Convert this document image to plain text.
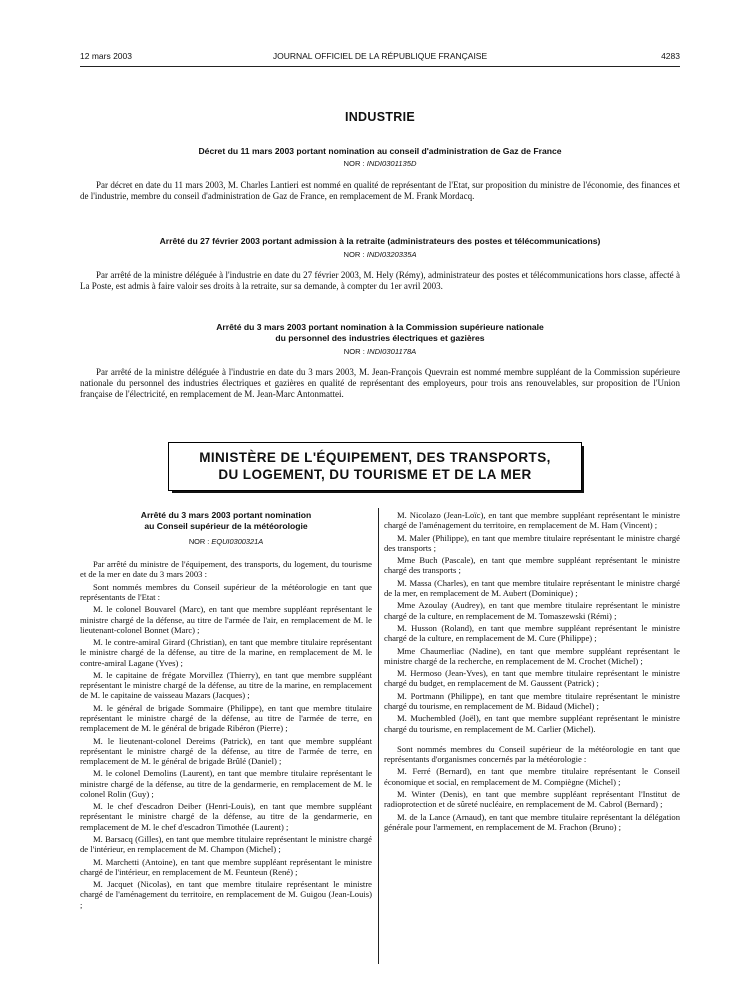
12 mars 2003	JOURNAL OFFICIEL DE LA RÉPUBLIQUE FRANÇAISE	4283
INDUSTRIE
Décret du 11 mars 2003 portant nomination au conseil d'administration de Gaz de France
NOR : INDI0301135D
Par décret en date du 11 mars 2003, M. Charles Lantieri est nommé en qualité de représentant de l'Etat, sur proposition du ministre de l'économie, des finances et de l'industrie, membre du conseil d'administration de Gaz de France, en remplacement de M. Frank Mordacq.
Arrêté du 27 février 2003 portant admission à la retraite (administrateurs des postes et télécommunications)
NOR : INDI0320335A
Par arrêté de la ministre déléguée à l'industrie en date du 27 février 2003, M. Hely (Rémy), administrateur des postes et télécommunications hors classe, affecté à La Poste, est admis à faire valoir ses droits à la retraite, sur sa demande, à compter du 1er avril 2003.
Arrêté du 3 mars 2003 portant nomination à la Commission supérieure nationale
du personnel des industries électriques et gazières
NOR : INDI0301178A
Par arrêté de la ministre déléguée à l'industrie en date du 3 mars 2003, M. Jean-François Quevrain est nommé membre suppléant de la Commission supérieure nationale du personnel des industries électriques et gazières en qualité de représentant des employeurs, pour trois ans renouvelables, sur proposition de l'Union française de l'électricité, en remplacement de M. Jean-Marc Antonmattei.
MINISTÈRE DE L'ÉQUIPEMENT, DES TRANSPORTS,
DU LOGEMENT, DU TOURISME ET DE LA MER
Arrêté du 3 mars 2003 portant nomination
au Conseil supérieur de la météorologie
NOR : EQUI0300321A

Par arrêté du ministre de l'équipement, des transports, du logement, du tourisme et de la mer en date du 3 mars 2003 :

Sont nommés membres du Conseil supérieur de la météorologie en tant que représentants de l'Etat :

M. le colonel Bouvarel (Marc), en tant que membre suppléant représentant le ministre chargé de la défense, au titre de l'armée de l'air, en remplacement de M. le lieutenant-colonel Bonnet (Marc) ;

M. le contre-amiral Girard (Christian), en tant que membre titulaire représentant le ministre chargé de la défense, au titre de la marine, en remplacement de M. le contre-amiral Lagane (Yves) ;

M. le capitaine de frégate Morvillez (Thierry), en tant que membre suppléant représentant le ministre chargé de la défense, au titre de la marine, en remplacement de M. le capitaine de vaisseau Mazars (Jacques) ;

M. le général de brigade Sommaire (Philippe), en tant que membre titulaire représentant le ministre chargé de la défense, au titre de l'armée de terre, en remplacement de M. le général de brigade Ribéron (Pierre) ;

M. le lieutenant-colonel Dereims (Patrick), en tant que membre suppléant représentant le ministre chargé de la défense, au titre de l'armée de terre, en remplacement de M. le général de brigade Brûlé (Daniel) ;

M. le colonel Demolins (Laurent), en tant que membre titulaire représentant le ministre chargé de la défense, au titre de la gendarmerie, en remplacement de M. le colonel Rolin (Guy) ;

M. le chef d'escadron Deiber (Henri-Louis), en tant que membre suppléant représentant le ministre chargé de la défense, au titre de la gendarmerie, en remplacement de M. le chef d'escadron Timothée (Laurent) ;

M. Barsacq (Gilles), en tant que membre titulaire représentant le ministre chargé de l'intérieur, en remplacement de M. Champon (Michel) ;

M. Marchetti (Antoine), en tant que membre suppléant représentant le ministre chargé de l'intérieur, en remplacement de M. Feunteun (René) ;

M. Jacquet (Nicolas), en tant que membre titulaire représentant le ministre chargé de l'aménagement du territoire, en remplacement de M. Guigou (Jean-Louis) ;

M. Nicolazo (Jean-Loïc), en tant que membre suppléant représentant le ministre chargé de l'aménagement du territoire, en remplacement de M. Ham (Vincent) ;

M. Maler (Philippe), en tant que membre titulaire représentant le ministre chargé des transports ;

Mme Buch (Pascale), en tant que membre suppléant représentant le ministre chargé des transports ;

M. Massa (Charles), en tant que membre titulaire représentant le ministre chargé de la mer, en remplacement de M. Aubert (Dominique) ;

Mme Azoulay (Audrey), en tant que membre titulaire représentant le ministre chargé de la culture, en remplacement de M. Tomaszewski (Rémi) ;

M. Husson (Roland), en tant que membre suppléant représentant le ministre chargé de la culture, en remplacement de M. Cure (Philippe) ;

Mme Chaumerliac (Nadine), en tant que membre suppléant représentant le ministre chargé de la recherche, en remplacement de M. Crochet (Michel) ;

M. Hermoso (Jean-Yves), en tant que membre titulaire représentant le ministre chargé du budget, en remplacement de M. Gaussent (Patrick) ;

M. Portmann (Philippe), en tant que membre titulaire représentant le ministre chargé du tourisme, en remplacement de M. Bidaud (Michel) ;

M. Muchembled (Joël), en tant que membre suppléant représentant le ministre chargé du tourisme, en remplacement de M. Carlier (Michel).

Sont nommés membres du Conseil supérieur de la météorologie en tant que représentants d'organismes concernés par la météorologie :

M. Ferré (Bernard), en tant que membre titulaire représentant le Conseil économique et social, en remplacement de M. Compiègne (Michel) ;

M. Winter (Denis), en tant que membre suppléant représentant l'Institut de radioprotection et de sûreté nucléaire, en remplacement de M. Cabrol (Bernard) ;

M. de la Lance (Arnaud), en tant que membre titulaire représentant la délégation générale pour l'armement, en remplacement de M. Frachon (Bruno) ;
